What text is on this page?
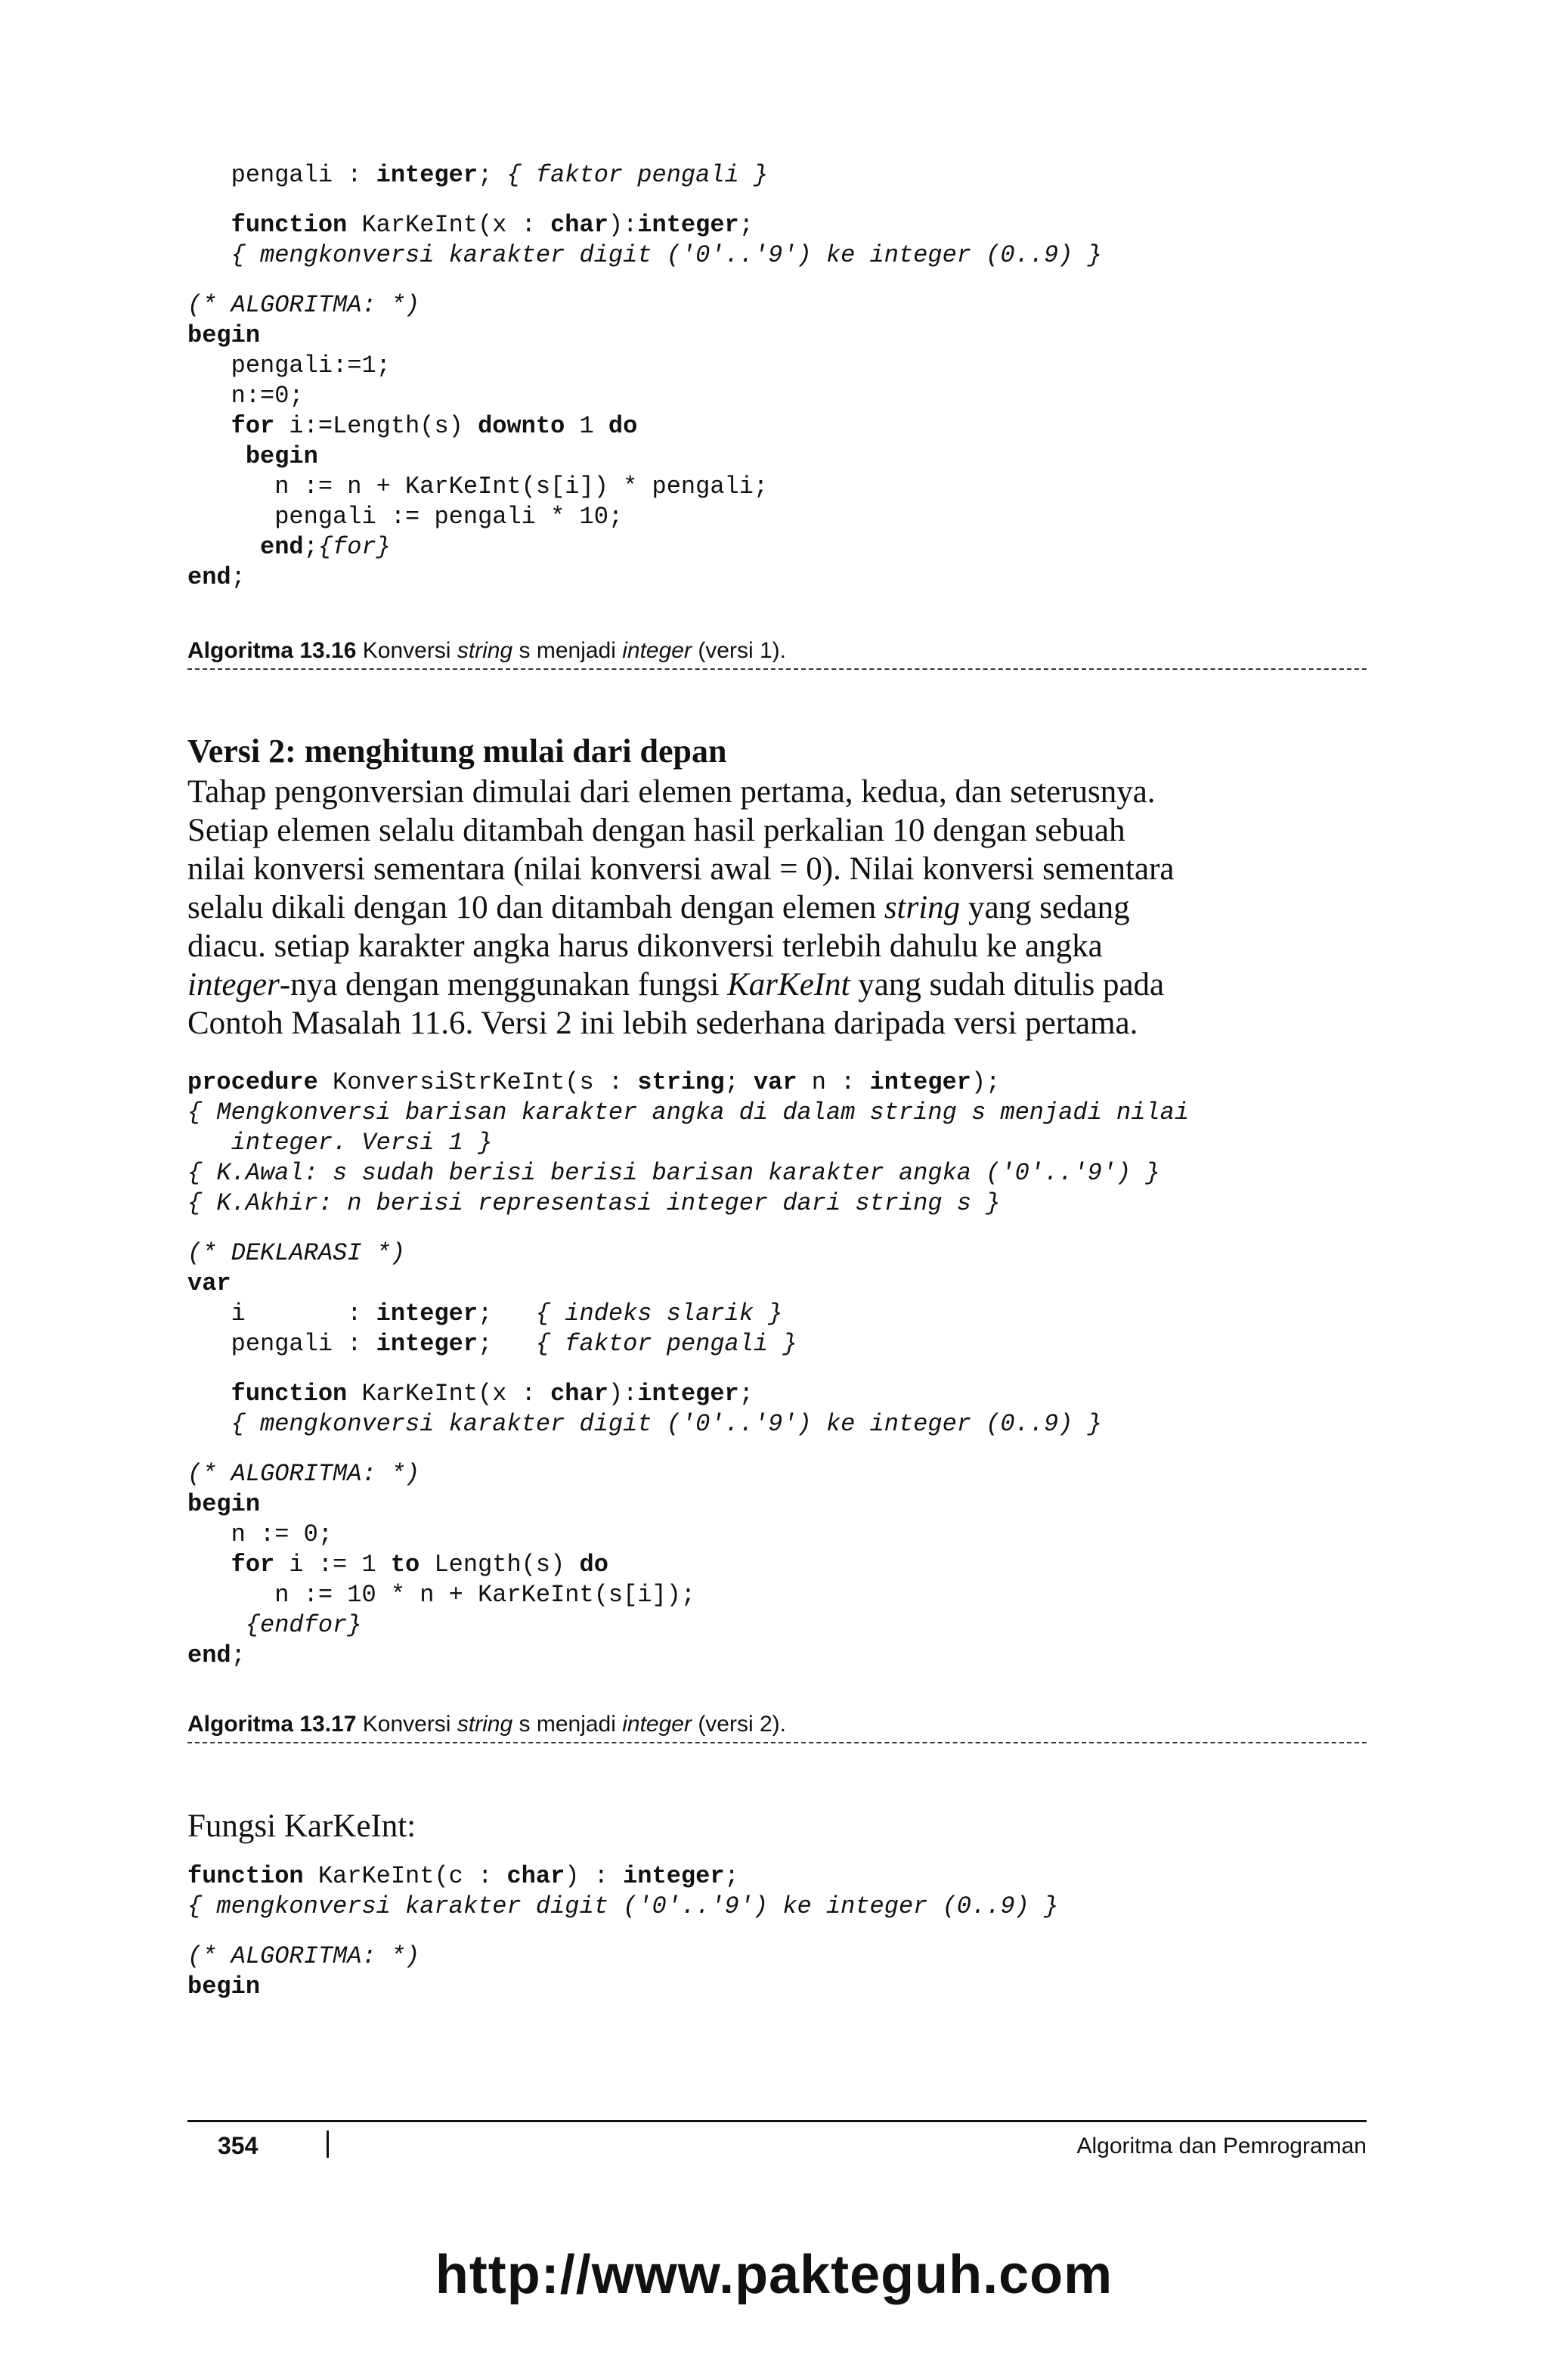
pengali : integer; { faktor pengali }
function KarKeInt(x : char):integer;
{ mengkonversi karakter digit ('0'..'9') ke integer (0..9) }
(* ALGORITMA: *)
begin
pengali:=1;
n:=0;
for i:=Length(s) downto 1 do
begin
n := n + KarKeInt(s[i]) * pengali;
pengali := pengali * 10;
end;{for}
end;
Algoritma 13.16 Konversi string s menjadi integer (versi 1).
Versi 2: menghitung mulai dari depan
Tahap pengonversian dimulai dari elemen pertama, kedua, dan seterusnya.
Setiap elemen selalu ditambah dengan hasil perkalian 10 dengan sebuah
nilai konversi sementara (nilai konversi awal = 0). Nilai konversi sementara
selalu dikali dengan 10 dan ditambah dengan elemen string yang sedang
diacu. setiap karakter angka harus dikonversi terlebih dahulu ke angka
integer-nya dengan menggunakan fungsi KarKeInt yang sudah ditulis pada
Contoh Masalah 11.6. Versi 2 ini lebih sederhana daripada versi pertama.
procedure KonversiStrKeInt(s : string; var n : integer);
{ Mengkonversi barisan karakter angka di dalam string s menjadi nilai
integer. Versi 1 }
{ K.Awal: s sudah berisi berisi barisan karakter angka ('0'..'9') }
{ K.Akhir: n berisi representasi integer dari string s }
(* DEKLARASI *)
var
i       : integer;   { indeks slarik }
pengali : integer;   { faktor pengali }
function KarKeInt(x : char):integer;
{ mengkonversi karakter digit ('0'..'9') ke integer (0..9) }
(* ALGORITMA: *)
begin
n := 0;
for i := 1 to Length(s) do
n := 10 * n + KarKeInt(s[i]);
{endfor}
end;
Algoritma 13.17 Konversi string s menjadi integer (versi 2).
Fungsi KarKeInt:
function KarKeInt(c : char) : integer;
{ mengkonversi karakter digit ('0'..'9') ke integer (0..9) }
(* ALGORITMA: *)
begin
354	Algoritma dan Pemrograman
http://www.pakteguh.com
